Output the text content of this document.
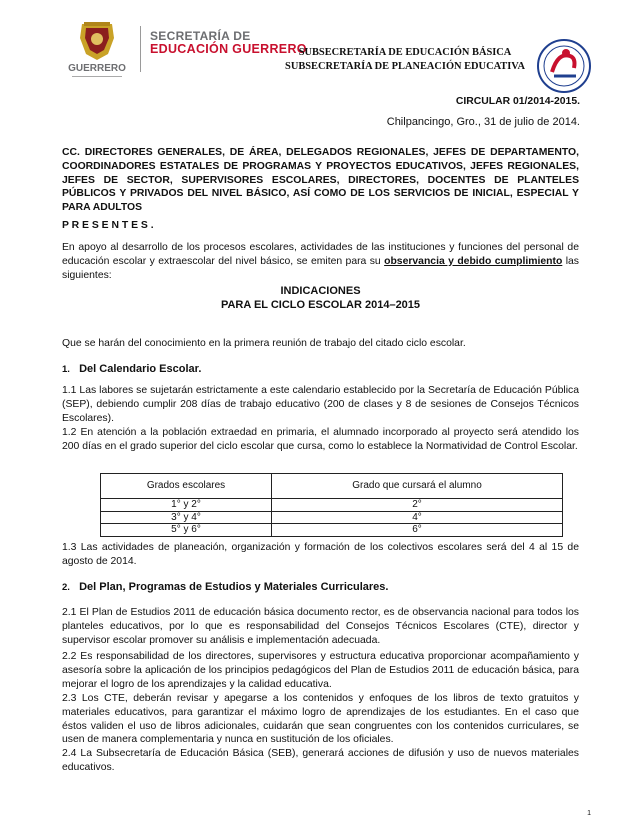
GUERRERO
SECRETARÍA DE
EDUCACIÓN GUERRERO
SUBSECRETARÍA DE EDUCACIÓN BÁSICA
SUBSECRETARÍA DE PLANEACIÓN EDUCATIVA
CIRCULAR 01/2014-2015.
Chilpancingo, Gro., 31 de julio de 2014.
CC. DIRECTORES GENERALES, DE ÁREA, DELEGADOS REGIONALES, JEFES DE DEPARTAMENTO, COORDINADORES ESTATALES DE PROGRAMAS Y PROYECTOS EDUCATIVOS, JEFES REGIONALES, JEFES DE SECTOR, SUPERVISORES ESCOLARES, DIRECTORES, DOCENTES DE PLANTELES PÚBLICOS Y PRIVADOS DEL NIVEL BÁSICO, ASÍ COMO DE LOS SERVICIOS DE INICIAL, ESPECIAL Y PARA ADULTOS
P R E S E N T E S .
En apoyo al desarrollo de los procesos escolares, actividades de las instituciones y funciones del personal de educación escolar y extraescolar del nivel básico, se emiten para su observancia y debido cumplimiento las siguientes:
INDICACIONES
PARA EL CICLO ESCOLAR 2014–2015
Que se harán del conocimiento en la primera reunión de trabajo del citado ciclo escolar.
1. Del Calendario Escolar.
1.1 Las labores se sujetarán estrictamente a este calendario establecido por la Secretaría de Educación Pública (SEP), debiendo cumplir 208 días de trabajo educativo (200 de clases y 8 de sesiones de Consejos Técnicos Escolares).
1.2 En atención a la población extraedad en primaria, el alumnado incorporado al proyecto será atendido los 200 días en el grado superior del ciclo escolar que cursa, como lo establece la Normatividad de Control Escolar.
Grados escolares	Grado que cursará el alumno
1° y 2°	2°
3° y 4°	4°
5° y 6°	6°
1.3 Las actividades de planeación, organización y formación de los colectivos escolares será del 4 al 15 de agosto de 2014.
2. Del Plan, Programas de Estudios y Materiales Curriculares.
2.1 El Plan de Estudios 2011 de educación básica documento rector, es de observancia nacional para todos los planteles educativos, por lo que es responsabilidad del Consejos Técnicos Escolares (CTE), director y supervisor escolar promover su análisis e implementación adecuada.
2.2 Es responsabilidad de los directores, supervisores y estructura educativa proporcionar acompañamiento y asesoría sobre la aplicación de los principios pedagógicos del Plan de Estudios 2011 de educación básica, para mejorar el logro de los aprendizajes y la calidad educativa.
2.3 Los CTE, deberán revisar y apegarse a los contenidos y enfoques de los libros de texto gratuitos y materiales educativos, para garantizar el máximo logro de aprendizajes de los estudiantes. En el caso que éstos validen el uso de libros adicionales, cuidarán que sean congruentes con los contenidos curriculares, se usen de manera complementaria y nunca en sustitución de los oficiales.
2.4 La Subsecretaría de Educación Básica (SEB), generará acciones de difusión y uso de nuevos materiales educativos.
1
